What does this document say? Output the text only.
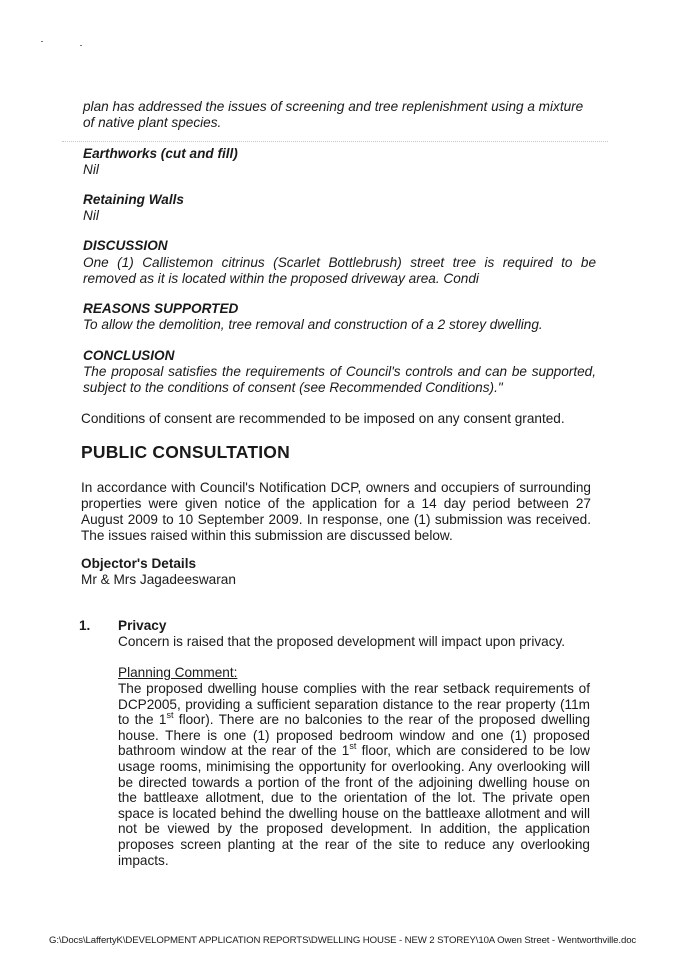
plan has addressed the issues of screening and tree replenishment using a mixture
of native plant species.
Earthworks (cut and fill)
Nil
Retaining Walls
Nil
DISCUSSION
One (1) Callistemon citrinus (Scarlet Bottlebrush) street tree is required to be removed as it is located within the proposed driveway area. Condi
REASONS SUPPORTED
To allow the demolition, tree removal and construction of a 2 storey dwelling.
CONCLUSION
The proposal satisfies the requirements of Council's controls and can be supported, subject to the conditions of consent (see Recommended Conditions)."
Conditions of consent are recommended to be imposed on any consent granted.
PUBLIC CONSULTATION
In accordance with Council's Notification DCP, owners and occupiers of surrounding properties were given notice of the application for a 14 day period between 27 August 2009 to 10 September 2009. In response, one (1) submission was received. The issues raised within this submission are discussed below.
Objector's Details
Mr & Mrs Jagadeeswaran
1. Privacy
Concern is raised that the proposed development will impact upon privacy.
Planning Comment:
The proposed dwelling house complies with the rear setback requirements of DCP2005, providing a sufficient separation distance to the rear property (11m to the 1st floor). There are no balconies to the rear of the proposed dwelling house. There is one (1) proposed bedroom window and one (1) proposed bathroom window at the rear of the 1st floor, which are considered to be low usage rooms, minimising the opportunity for overlooking. Any overlooking will be directed towards a portion of the front of the adjoining dwelling house on the battleaxe allotment, due to the orientation of the lot. The private open space is located behind the dwelling house on the battleaxe allotment and will not be viewed by the proposed development. In addition, the application proposes screen planting at the rear of the site to reduce any overlooking impacts.
G:\Docs\LaffertyK\DEVELOPMENT APPLICATION REPORTS\DWELLING HOUSE - NEW 2 STOREY\10A Owen Street - Wentworthville.doc
